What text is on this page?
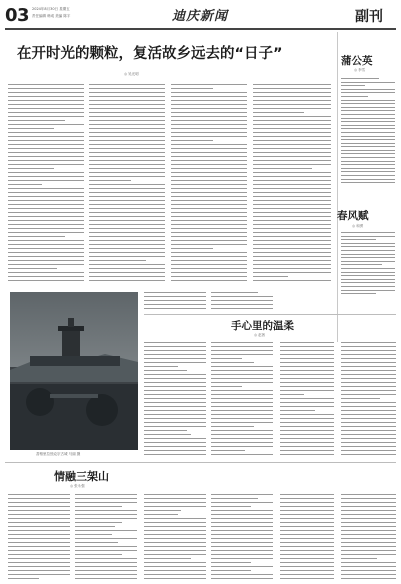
03 2024年8月30日 星期五
责任编辑 韩成 美编 陈宇	迪庆新闻	副刊
在开时光的颗粒，复活故乡远去的“日子”
◎ 吴光明
蒲公英
◎ 李雪
春风赋
◎ 和勇
香格里拉独克宗古城 马丽 摄
手心里的温柔
◎ 赵茜
情融三架山
◎ 张永强
